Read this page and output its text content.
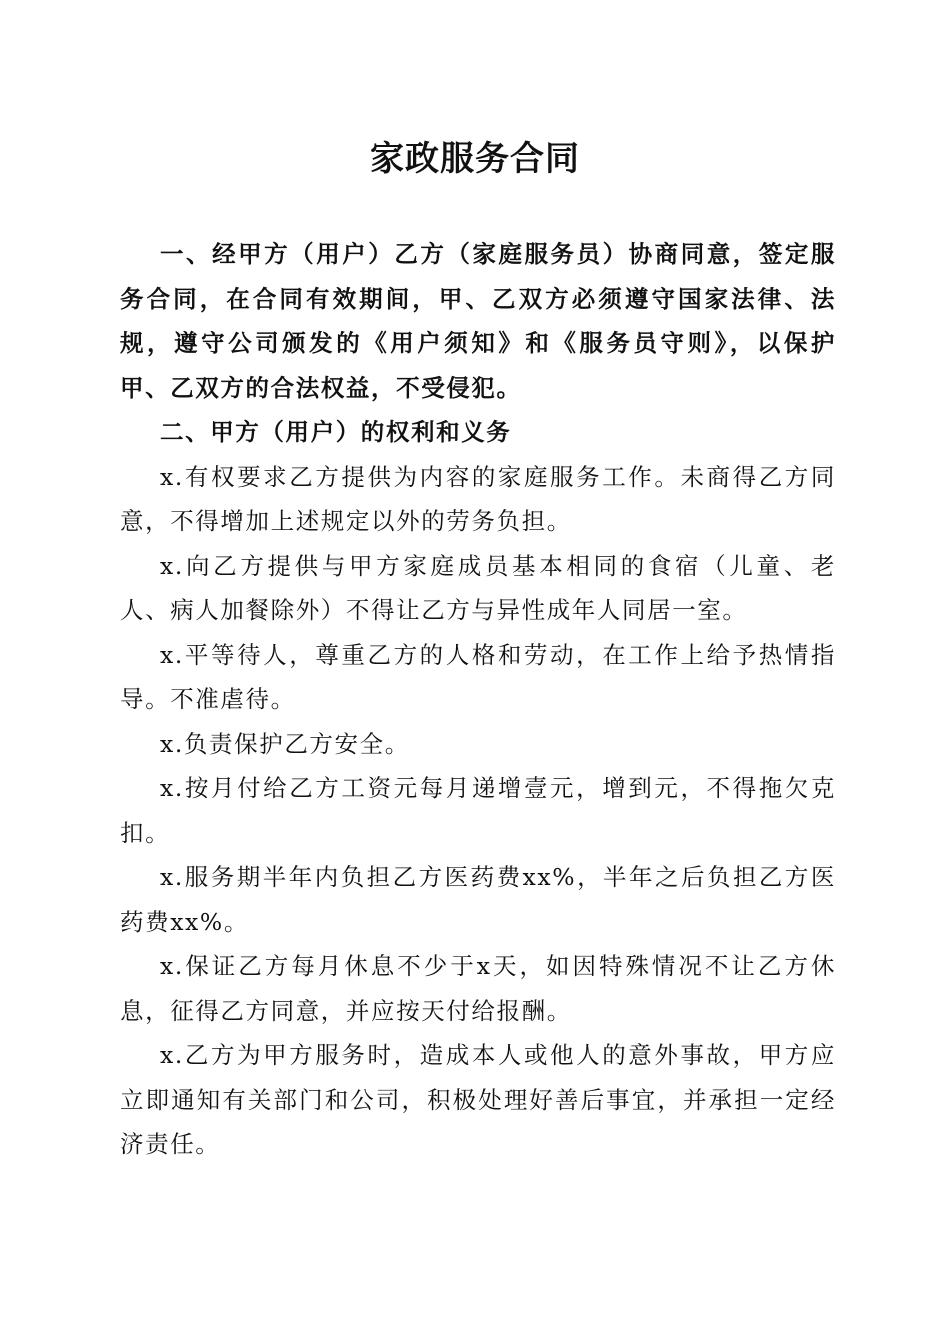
家政服务合同

一、经甲方（用户）乙方（家庭服务员）协商同意，签定服务合同，在合同有效期间，甲、乙双方必须遵守国家法律、法规，遵守公司颁发的《用户须知》和《服务员守则》，以保护甲、乙双方的合法权益，不受侵犯。

二、甲方（用户）的权利和义务

x.有权要求乙方提供为内容的家庭服务工作。未商得乙方同意，不得增加上述规定以外的劳务负担。

x.向乙方提供与甲方家庭成员基本相同的食宿（儿童、老人、病人加餐除外）不得让乙方与异性成年人同居一室。

x.平等待人，尊重乙方的人格和劳动，在工作上给予热情指导。不准虐待。

x.负责保护乙方安全。

x.按月付给乙方工资元每月递增壹元，增到元，不得拖欠克扣。

x.服务期半年内负担乙方医药费xx%，半年之后负担乙方医药费xx%。

x.保证乙方每月休息不少于x天，如因特殊情况不让乙方休息，征得乙方同意，并应按天付给报酬。

x.乙方为甲方服务时，造成本人或他人的意外事故，甲方应立即通知有关部门和公司，积极处理好善后事宜，并承担一定经济责任。
